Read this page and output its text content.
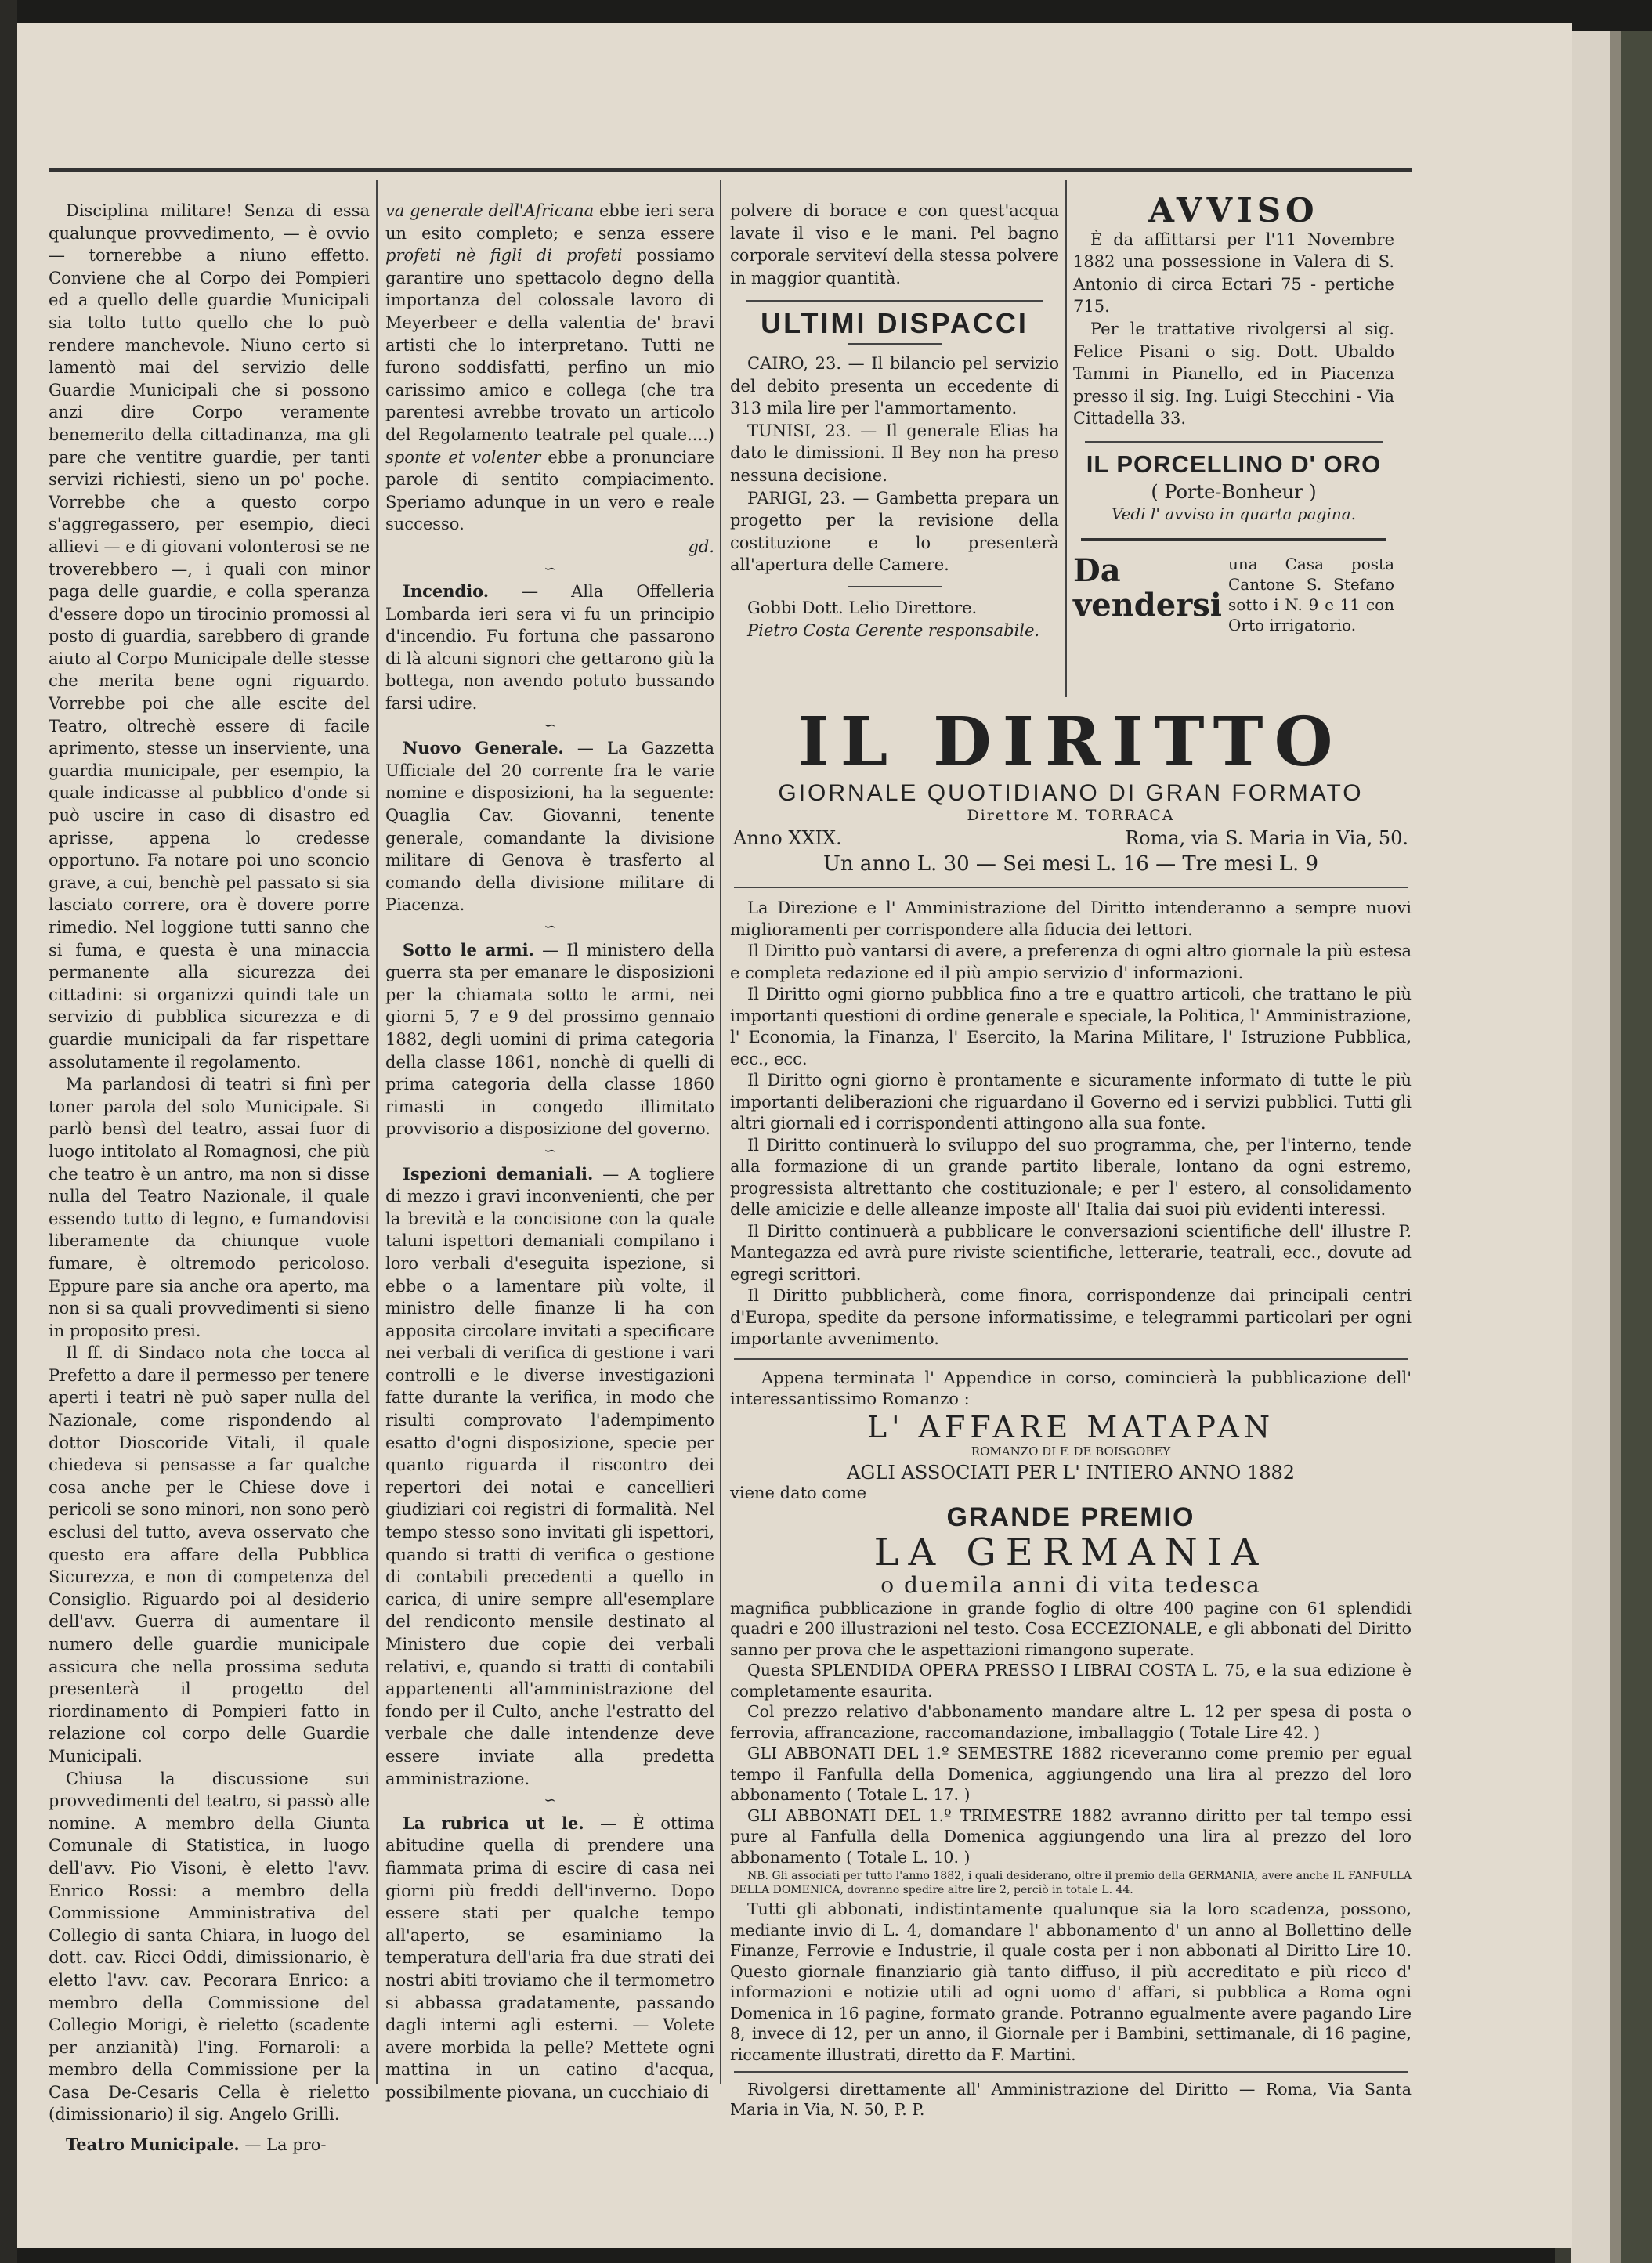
Disciplina militare! Senza di essa qualunque provvedimento, — è ovvio — tornerebbe a niuno effetto. Conviene che al Corpo dei Pompieri ed a quello delle guardie Municipali sia tolto tutto quello che lo può rendere manchevole. Niuno certo si lamentò mai del servizio delle Guardie Municipali che si possono anzi dire Corpo veramente benemerito della cittadinanza, ma gli pare che ventitre guardie, per tanti servizi richiesti, sieno un po' poche. Vorrebbe che a questo corpo s'aggregassero, per esempio, dieci allievi — e di giovani volonterosi se ne troverebbero —, i quali con minor paga delle guardie, e colla speranza d'essere dopo un tirocinio promossi al posto di guardia, sarebbero di grande aiuto al Corpo Municipale delle stesse che merita bene ogni riguardo. Vorrebbe poi che alle escite del Teatro, oltrechè essere di facile aprimento, stesse un inserviente, una guardia municipale, per esempio, la quale indicasse al pubblico d'onde si può uscire in caso di disastro ed aprisse, appena lo credesse opportuno. Fa notare poi uno sconcio grave, a cui, benchè pel passato si sia lasciato correre, ora è dovere porre rimedio. Nel loggione tutti sanno che si fuma, e questa è una minaccia permanente alla sicurezza dei cittadini: si organizzi quindi tale un servizio di pubblica sicurezza e di guardie municipali da far rispettare assolutamente il regolamento.

Ma parlandosi di teatri si finì per toner parola del solo Municipale. Si parlò bensì del teatro, assai fuor di luogo intitolato al Romagnosi, che più che teatro è un antro, ma non si disse nulla del Teatro Nazionale, il quale essendo tutto di legno, e fumandovisi liberamente da chiunque vuole fumare, è oltremodo pericoloso. Eppure pare sia anche ora aperto, ma non si sa quali provvedimenti si sieno in proposito presi.

Il ff. di Sindaco nota che tocca al Prefetto a dare il permesso per tenere aperti i teatri nè può saper nulla del Nazionale, come rispondendo al dottor Dioscoride Vitali, il quale chiedeva si pensasse a far qualche cosa anche per le Chiese dove i pericoli se sono minori, non sono però esclusi del tutto, aveva osservato che questo era affare della Pubblica Sicurezza, e non di competenza del Consiglio. Riguardo poi al desiderio dell'avv. Guerra di aumentare il numero delle guardie municipale assicura che nella prossima seduta presenterà il progetto del riordinamento di Pompieri fatto in relazione col corpo delle Guardie Municipali.

Chiusa la discussione sui provvedimenti del teatro, si passò alle nomine. A membro della Giunta Comunale di Statistica, in luogo dell'avv. Pio Visoni, è eletto l'avv. Enrico Rossi: a membro della Commissione Amministrativa del Collegio di santa Chiara, in luogo del dott. cav. Ricci Oddi, dimissionario, è eletto l'avv. cav. Pecorara Enrico: a membro della Commissione del Collegio Morigi, è rieletto (scadente per anzianità) l'ing. Fornaroli: a membro della Commissione per la Casa De-Cesaris Cella è rieletto (dimissionario) il sig. Angelo Grilli.

Teatro Municipale. — La pro-

va generale dell'Africana ebbe ieri sera un esito completo; e senza essere profeti nè figli di profeti possiamo garantire uno spettacolo degno della importanza del colossale lavoro di Meyerbeer e della valentia de' bravi artisti che lo interpretano. Tutti ne furono soddisfatti, perfino un mio carissimo amico e collega (che tra parentesi avrebbe trovato un articolo del Regolamento teatrale pel quale....) sponte et volenter ebbe a pronunciare parole di sentito compiacimento. Speriamo adunque in un vero e reale successo.

gd.

∽

Incendio. — Alla Offelleria Lombarda ieri sera vi fu un principio d'incendio. Fu fortuna che passarono di là alcuni signori che gettarono giù la bottega, non avendo potuto bussando farsi udire.

∽

Nuovo Generale. — La Gazzetta Ufficiale del 20 corrente fra le varie nomine e disposizioni, ha la seguente: Quaglia Cav. Giovanni, tenente generale, comandante la divisione militare di Genova è trasferto al comando della divisione militare di Piacenza.

∽

Sotto le armi. — Il ministero della guerra sta per emanare le disposizioni per la chiamata sotto le armi, nei giorni 5, 7 e 9 del prossimo gennaio 1882, degli uomini di prima categoria della classe 1861, nonchè di quelli di prima categoria della classe 1860 rimasti in congedo illimitato provvisorio a disposizione del governo.

∽

Ispezioni demaniali. — A togliere di mezzo i gravi inconvenienti, che per la brevità e la concisione con la quale taluni ispettori demaniali compilano i loro verbali d'eseguita ispezione, si ebbe o a lamentare più volte, il ministro delle finanze li ha con apposita circolare invitati a specificare nei verbali di verifica di gestione i vari controlli e le diverse investigazioni fatte durante la verifica, in modo che risulti comprovato l'adempimento esatto d'ogni disposizione, specie per quanto riguarda il riscontro dei repertori dei notai e cancellieri giudiziari coi registri di formalità. Nel tempo stesso sono invitati gli ispettori, quando si tratti di verifica o gestione di contabili precedenti a quello in carica, di unire sempre all'esemplare del rendiconto mensile destinato al Ministero due copie dei verbali relativi, e, quando si tratti di contabili appartenenti all'amministrazione del fondo per il Culto, anche l'estratto del verbale che dalle intendenze deve essere inviate alla predetta amministrazione.

∽

La rubrica ut le. — È ottima abitudine quella di prendere una fiammata prima di escire di casa nei giorni più freddi dell'inverno. Dopo essere stati per qualche tempo all'aperto, se esaminiamo la temperatura dell'aria fra due strati dei nostri abiti troviamo che il termometro si abbassa gradatamente, passando dagli interni agli esterni. — Volete avere morbida la pelle? Mettete ogni mattina in un catino d'acqua, possibilmente piovana, un cucchiaio di

polvere di borace e con quest'acqua lavate il viso e le mani. Pel bagno corporale serviteví della stessa polvere in maggior quantità.

ULTIMI DISPACCI

CAIRO, 23. — Il bilancio pel servizio del debito presenta un eccedente di 313 mila lire per l'ammortamento.

TUNISI, 23. — Il generale Elias ha dato le dimissioni. Il Bey non ha preso nessuna decisione.

PARIGI, 23. — Gambetta prepara un progetto per la revisione della costituzione e lo presenterà all'apertura delle Camere.

Gobbi Dott. Lelio Direttore.

Pietro Costa Gerente responsabile.

AVVISO

È da affittarsi per l'11 Novembre 1882 una possessione in Valera di S. Antonio di circa Ectari 75 - pertiche 715.

Per le trattative rivolgersi al sig. Felice Pisani o sig. Dott. Ubaldo Tammi in Pianello, ed in Piacenza presso il sig. Ing. Luigi Stecchini - Via Cittadella 33.

IL PORCELLINO D' ORO
( Porte-Bonheur )
Vedi l' avviso in quarta pagina.
Da vendersi
una Casa posta Cantone S. Stefano sotto i N. 9 e 11 con Orto irrigatorio.
IL DIRITTO
GIORNALE QUOTIDIANO DI GRAN FORMATO
Direttore M. TORRACA
Anno XXIX.	Roma, via S. Maria in Via, 50.
Un anno L. 30 — Sei mesi L. 16 — Tre mesi L. 9

La Direzione e l' Amministrazione del Diritto intenderanno a sempre nuovi miglioramenti per corrispondere alla fiducia dei lettori.

Il Diritto può vantarsi di avere, a preferenza di ogni altro giornale la più estesa e completa redazione ed il più ampio servizio d' informazioni.

Il Diritto ogni giorno pubblica fino a tre e quattro articoli, che trattano le più importanti questioni di ordine generale e speciale, la Politica, l' Amministrazione, l' Economia, la Finanza, l' Esercito, la Marina Militare, l' Istruzione Pubblica, ecc., ecc.

Il Diritto ogni giorno è prontamente e sicuramente informato di tutte le più importanti deliberazioni che riguardano il Governo ed i servizi pubblici. Tutti gli altri giornali ed i corrispondenti attingono alla sua fonte.

Il Diritto continuerà lo sviluppo del suo programma, che, per l'interno, tende alla formazione di un grande partito liberale, lontano da ogni estremo, progressista altrettanto che costituzionale; e per l' estero, al consolidamento delle amicizie e delle alleanze imposte all' Italia dai suoi più evidenti interessi.

Il Diritto continuerà a pubblicare le conversazioni scientifiche dell' illustre P. Mantegazza ed avrà pure riviste scientifiche, letterarie, teatrali, ecc., dovute ad egregi scrittori.

Il Diritto pubblicherà, come finora, corrispondenze dai principali centri d'Europa, spedite da persone informatissime, e telegrammi particolari per ogni importante avvenimento.

Appena terminata l' Appendice in corso, comincierà la pubblicazione dell' interessantissimo Romanzo :
L' AFFARE MATAPAN
ROMANZO DI F. DE BOISGOBEY
AGLI ASSOCIATI PER L' INTIERO ANNO 1882
viene dato come
GRANDE PREMIO
LA GERMANIA
o duemila anni di vita tedesca

magnifica pubblicazione in grande foglio di oltre 400 pagine con 61 splendidi quadri e 200 illustrazioni nel testo. Cosa ECCEZIONALE, e gli abbonati del Diritto sanno per prova che le aspettazioni rimangono superate.

Questa SPLENDIDA OPERA PRESSO I LIBRAI COSTA L. 75, e la sua edizione è completamente esaurita.

Col prezzo relativo d'abbonamento mandare altre L. 12 per spesa di posta o ferrovia, affrancazione, raccomandazione, imballaggio ( Totale Lire 42. )

GLI ABBONATI DEL 1.º SEMESTRE 1882 riceveranno come premio per egual tempo il Fanfulla della Domenica, aggiungendo una lira al prezzo del loro abbonamento ( Totale L. 17. )

GLI ABBONATI DEL 1.º TRIMESTRE 1882 avranno diritto per tal tempo essi pure al Fanfulla della Domenica aggiungendo una lira al prezzo del loro abbonamento ( Totale L. 10. )

NB. Gli associati per tutto l'anno 1882, i quali desiderano, oltre il premio della GERMANIA, avere anche IL FANFULLA DELLA DOMENICA, dovranno spedire altre lire 2, perciò in totale L. 44.

Tutti gli abbonati, indistintamente qualunque sia la loro scadenza, possono, mediante invio di L. 4, domandare l' abbonamento d' un anno al Bollettino delle Finanze, Ferrovie e Industrie, il quale costa per i non abbonati al Diritto Lire 10. Questo giornale finanziario già tanto diffuso, il più accreditato e più ricco d' informazioni e notizie utili ad ogni uomo d' affari, si pubblica a Roma ogni Domenica in 16 pagine, formato grande. Potranno egualmente avere pagando Lire 8, invece di 12, per un anno, il Giornale per i Bambini, settimanale, di 16 pagine, riccamente illustrati, diretto da F. Martini.

Rivolgersi direttamente all' Amministrazione del Diritto — Roma, Via Santa Maria in Via, N. 50, P. P.
